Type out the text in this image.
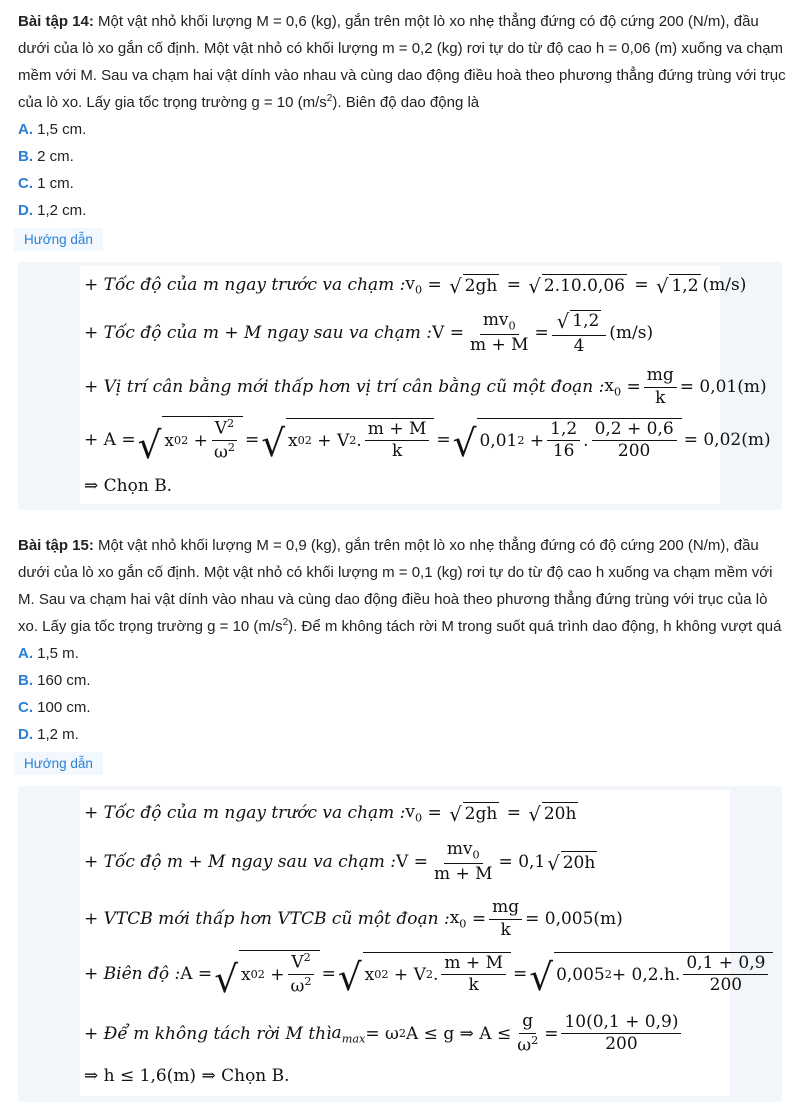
Bài tập 14: Một vật nhỏ khối lượng M = 0,6 (kg), gắn trên một lò xo nhẹ thẳng đứng có độ cứng 200 (N/m), đầu dưới của lò xo gắn cố định. Một vật nhỏ có khối lượng m = 0,2 (kg) rơi tự do từ độ cao h = 0,06 (m) xuống va chạm mềm với M. Sau va chạm hai vật dính vào nhau và cùng dao động điều hoà theo phương thẳng đứng trùng với trục của lò xo. Lấy gia tốc trọng trường g = 10 $(m/s^2)$. Biên độ dao động là

A. 1,5 cm.
B. 2 cm.
C. 1 cm.
D. 1,2 cm.
Hướng dẫn
+ Tốc độ của m ngay trước va chạm : $v_0$ = √ 2gh = √ 2.10.0,06 = √ 1,2 (m/s)
+ Tốc độ của m + M ngay sau va chạm : $V = \frac{mv_0}{m + M} = \frac{√ 1,2}{4} (m/s)$
+ Vị trí cân bằng mới thấp hơn vị trí cân bằng cũ một đoạn : $x_0 = \frac{mg}{k} = 0,01(m)$
+ A = √ x 0 $2 + \frac{V^2}{\omega^2}$ = √ x 0 2 + V 2 . $\frac{m + M}{k}$ = √ 0,01 $2 + \frac{1,2}{16}$ . $\frac{0,2 + 0,6}{200} = 0,02(m)$
⇒ Chọn B.

Bài tập 15: Một vật nhỏ khối lượng M = 0,9 (kg), gắn trên một lò xo nhẹ thẳng đứng có độ cứng 200 (N/m), đầu dưới của lò xo gắn cố định. Một vật nhỏ có khối lượng m = 0,1 (kg) rơi tự do từ độ cao h xuống va chạm mềm với M. Sau va chạm hai vật dính vào nhau và cùng dao động điều hoà theo phương thẳng đứng trùng với trục của lò xo. Lấy gia tốc trọng trường g = 10 $(m/s^2)$. Để m không tách rời M trong suốt quá trình dao động, h không vượt quá

A. 1,5 m.
B. 160 cm.
C. 100 cm.
D. 1,2 m.
Hướng dẫn
+ Tốc độ của m ngay trước va chạm : $v_0$ = √ 2gh = √ 20h
+ Tốc độ m + M ngay sau va chạm : $V = \frac{mv_0}{m + M} = 0,1$ √ 20h
+ VTCB mới thấp hơn VTCB cũ một đoạn : $x_0 = \frac{mg}{k} = 0,005(m)$
+ Biên độ : A = √ x 0 $2 + \frac{V^2}{\omega^2}$ = √ x 0 2 + V 2 . $\frac{m + M}{k}$ = √ 0,005 2 + 0,2.h. $\frac{0,1 + 0,9}{200}$
+ Để m không tách rời M thì $a_{max} = \omega$ 2 A ≤ g ⇒ $A \le \frac{g}{\omega^2} = \frac{10(0,1 + 0,9)}{200}$
⇒ h ≤ 1,6(m) ⇒ Chọn B.
